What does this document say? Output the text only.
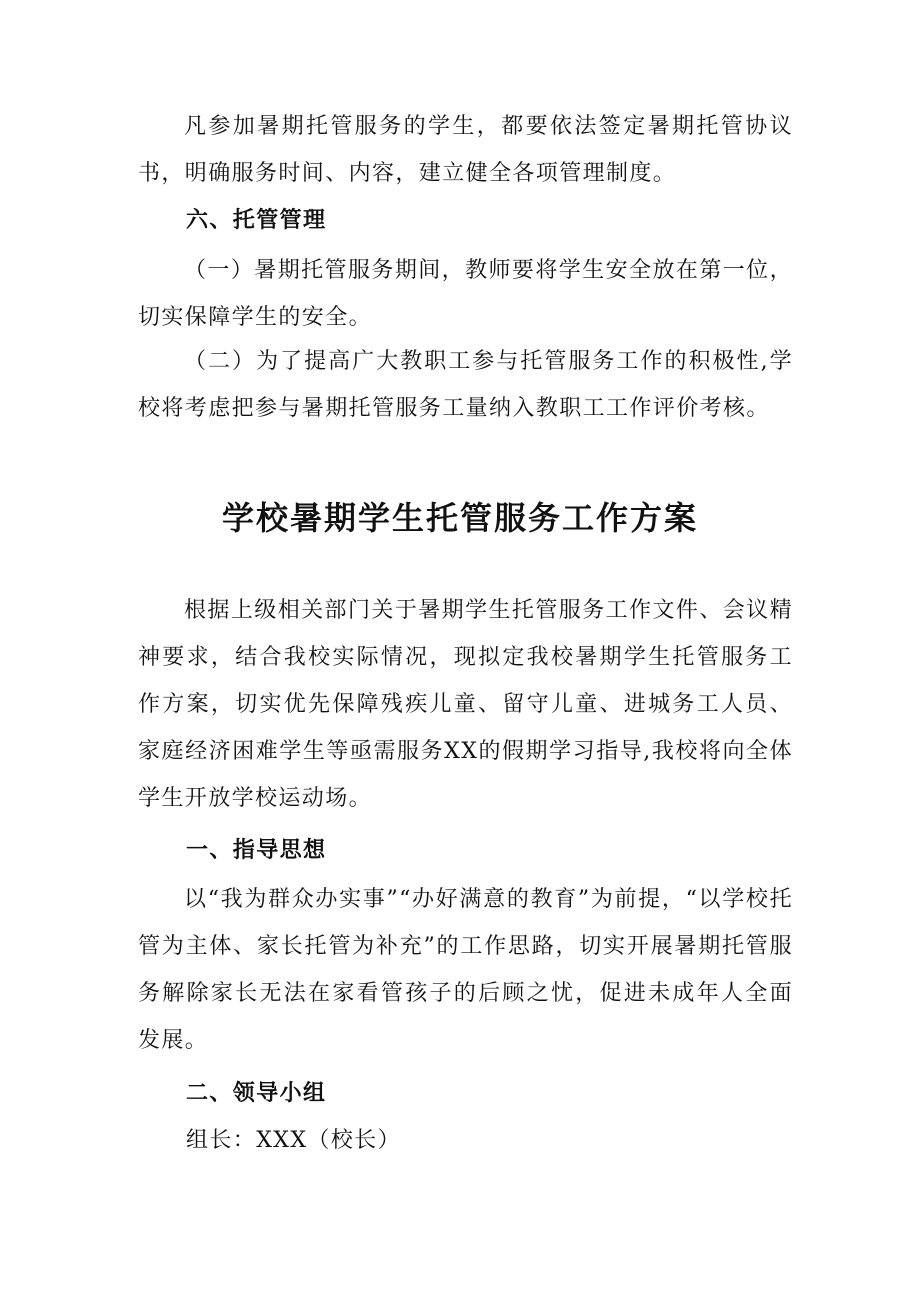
凡参加暑期托管服务的学生，都要依法签定暑期托管协议书，明确服务时间、内容，建立健全各项管理制度。

六、托管管理

（一）暑期托管服务期间，教师要将学生安全放在第一位，切实保障学生的安全。

（二）为了提高广大教职工参与托管服务工作的积极性,学校将考虑把参与暑期托管服务工量纳入教职工工作评价考核。

学校暑期学生托管服务工作方案

根据上级相关部门关于暑期学生托管服务工作文件、会议精神要求，结合我校实际情况，现拟定我校暑期学生托管服务工作方案，切实优先保障残疾儿童、留守儿童、进城务工人员、家庭经济困难学生等亟需服务XX的假期学习指导,我校将向全体学生开放学校运动场。

一、指导思想

以“我为群众办实事”“办好满意的教育”为前提，“以学校托管为主体、家长托管为补充”的工作思路，切实开展暑期托管服务解除家长无法在家看管孩子的后顾之忧，促进未成年人全面发展。

二、领导小组

组长：XXX（校长）
